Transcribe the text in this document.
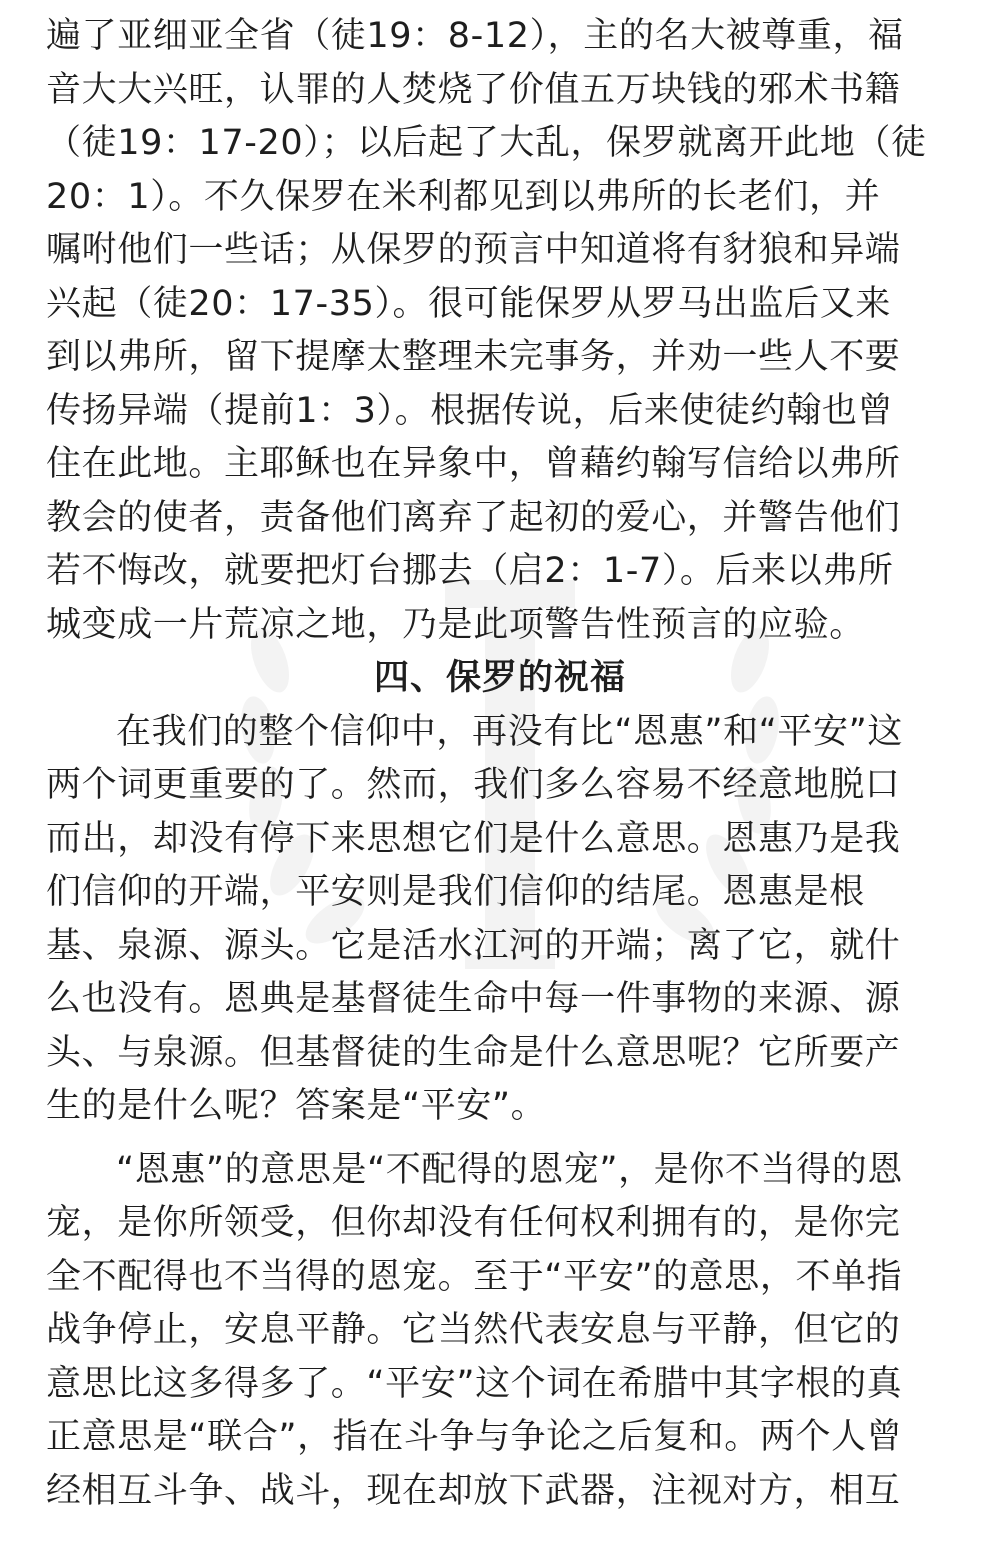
遍了亚细亚全省（徒19：8-12），主的名大被尊重，福
音大大兴旺，认罪的人焚烧了价值五万块钱的邪术书籍
（徒19：17-20）；以后起了大乱，保罗就离开此地（徒
20：1）。不久保罗在米利都见到以弗所的长老们，并
嘱咐他们一些话；从保罗的预言中知道将有豺狼和异端
兴起（徒20：17-35）。很可能保罗从罗马出监后又来
到以弗所，留下提摩太整理未完事务，并劝一些人不要
传扬异端（提前1：3）。根据传说，后来使徒约翰也曾
住在此地。主耶稣也在异象中，曾藉约翰写信给以弗所
教会的使者，责备他们离弃了起初的爱心，并警告他们
若不悔改，就要把灯台挪去（启2：1-7）。后来以弗所
城变成一片荒凉之地，乃是此项警告性预言的应验。
四、保罗的祝福
在我们的整个信仰中，再没有比“恩惠”和“平安”这
两个词更重要的了。然而，我们多么容易不经意地脱口
而出，却没有停下来思想它们是什么意思。恩惠乃是我
们信仰的开端，平安则是我们信仰的结尾。恩惠是根
基、泉源、源头。它是活水江河的开端；离了它，就什
么也没有。恩典是基督徒生命中每一件事物的来源、源
头、与泉源。但基督徒的生命是什么意思呢？它所要产
生的是什么呢？答案是“平安”。
“恩惠”的意思是“不配得的恩宠”，是你不当得的恩
宠，是你所领受，但你却没有任何权利拥有的，是你完
全不配得也不当得的恩宠。至于“平安”的意思，不单指
战争停止，安息平静。它当然代表安息与平静，但它的
意思比这多得多了。“平安”这个词在希腊中其字根的真
正意思是“联合”，指在斗争与争论之后复和。两个人曾
经相互斗争、战斗，现在却放下武器，注视对方，相互
